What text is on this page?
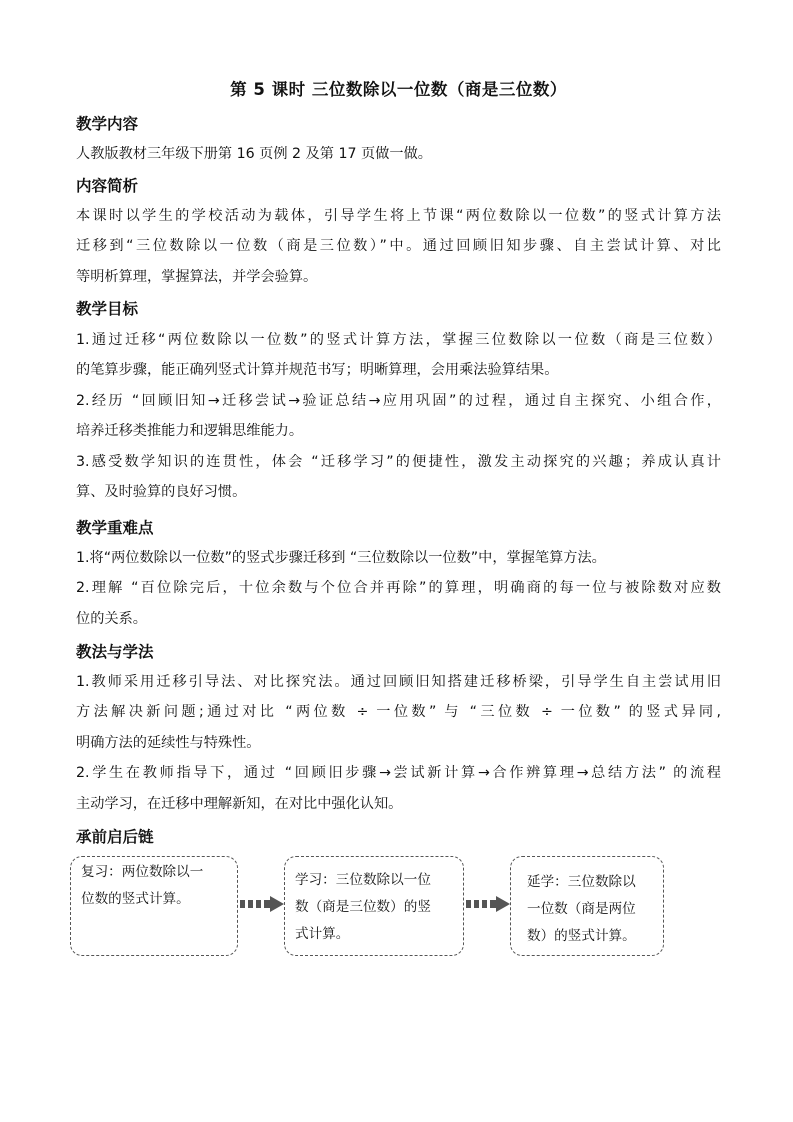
第 5 课时 三位数除以一位数（商是三位数）
教学内容
人教版教材三年级下册第 16 页例 2 及第 17 页做一做。
内容简析
本课时以学生的学校活动为载体，引导学生将上节课“两位数除以一位数”的竖式计算方法
迁移到“三位数除以一位数（商是三位数）”中。通过回顾旧知步骤、自主尝试计算、对比
等明析算理，掌握算法，并学会验算。
教学目标
1.通过迁移“两位数除以一位数”的竖式计算方法，掌握三位数除以一位数（商是三位数）
的笔算步骤，能正确列竖式计算并规范书写；明晰算理，会用乘法验算结果。
2.经历 “回顾旧知→迁移尝试→验证总结→应用巩固”的过程，通过自主探究、小组合作，
培养迁移类推能力和逻辑思维能力。
3.感受数学知识的连贯性，体会 “迁移学习”的便捷性，激发主动探究的兴趣；养成认真计
算、及时验算的良好习惯。
教学重难点
1.将“两位数除以一位数”的竖式步骤迁移到 “三位数除以一位数”中，掌握笔算方法。
2.理解 “百位除完后，十位余数与个位合并再除”的算理，明确商的每一位与被除数对应数
位的关系。
教法与学法
1.教师采用迁移引导法、对比探究法。通过回顾旧知搭建迁移桥梁，引导学生自主尝试用旧
方法解决新问题;通过对比 “两位数 ÷ 一位数” 与 “三位数 ÷ 一位数” 的竖式异同,
明确方法的延续性与特殊性。
2.学生在教师指导下，通过 “回顾旧步骤→尝试新计算→合作辨算理→总结方法” 的流程
主动学习，在迁移中理解新知，在对比中强化认知。
承前启后链
复习：两位数除以一
位数的竖式计算。
学习：三位数除以一位
数（商是三位数）的竖
式计算。
延学：三位数除以
一位数（商是两位
数）的竖式计算。
